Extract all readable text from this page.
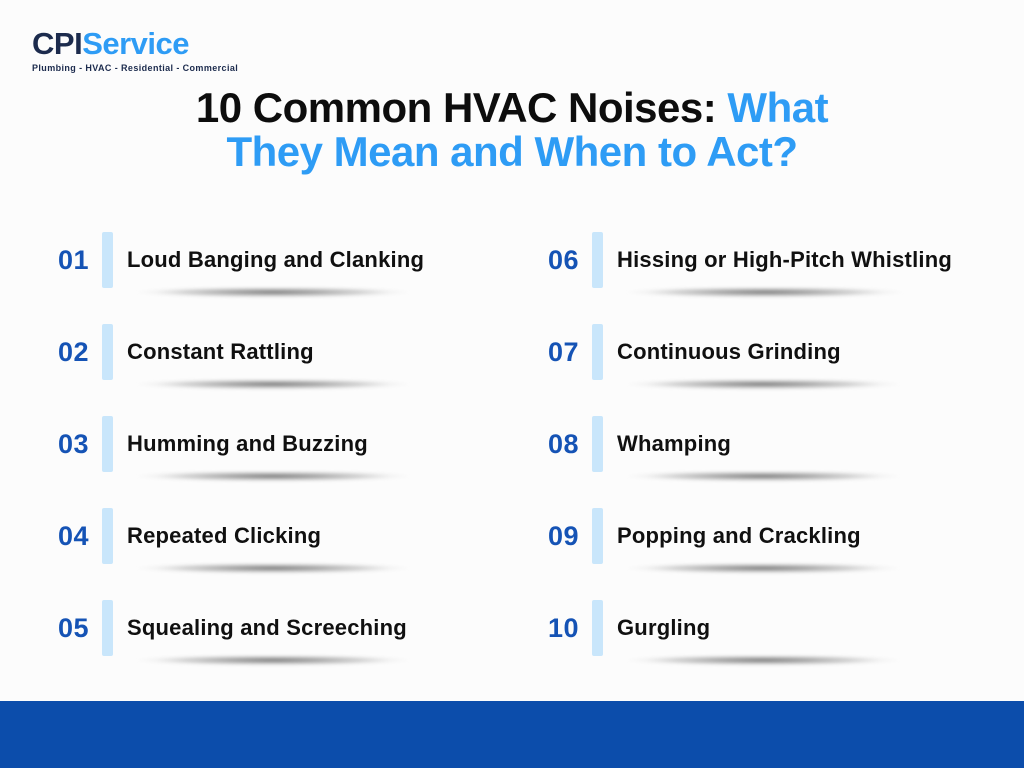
CPIService
Plumbing - HVAC - Residential - Commercial
10 Common HVAC Noises: What
They Mean and When to Act?
01	Loud Banging and Clanking
02	Constant Rattling
03	Humming and Buzzing
04	Repeated Clicking
05	Squealing and Screeching
06	Hissing or High-Pitch Whistling
07	Continuous Grinding
08	Whamping
09	Popping and Crackling
10	Gurgling
